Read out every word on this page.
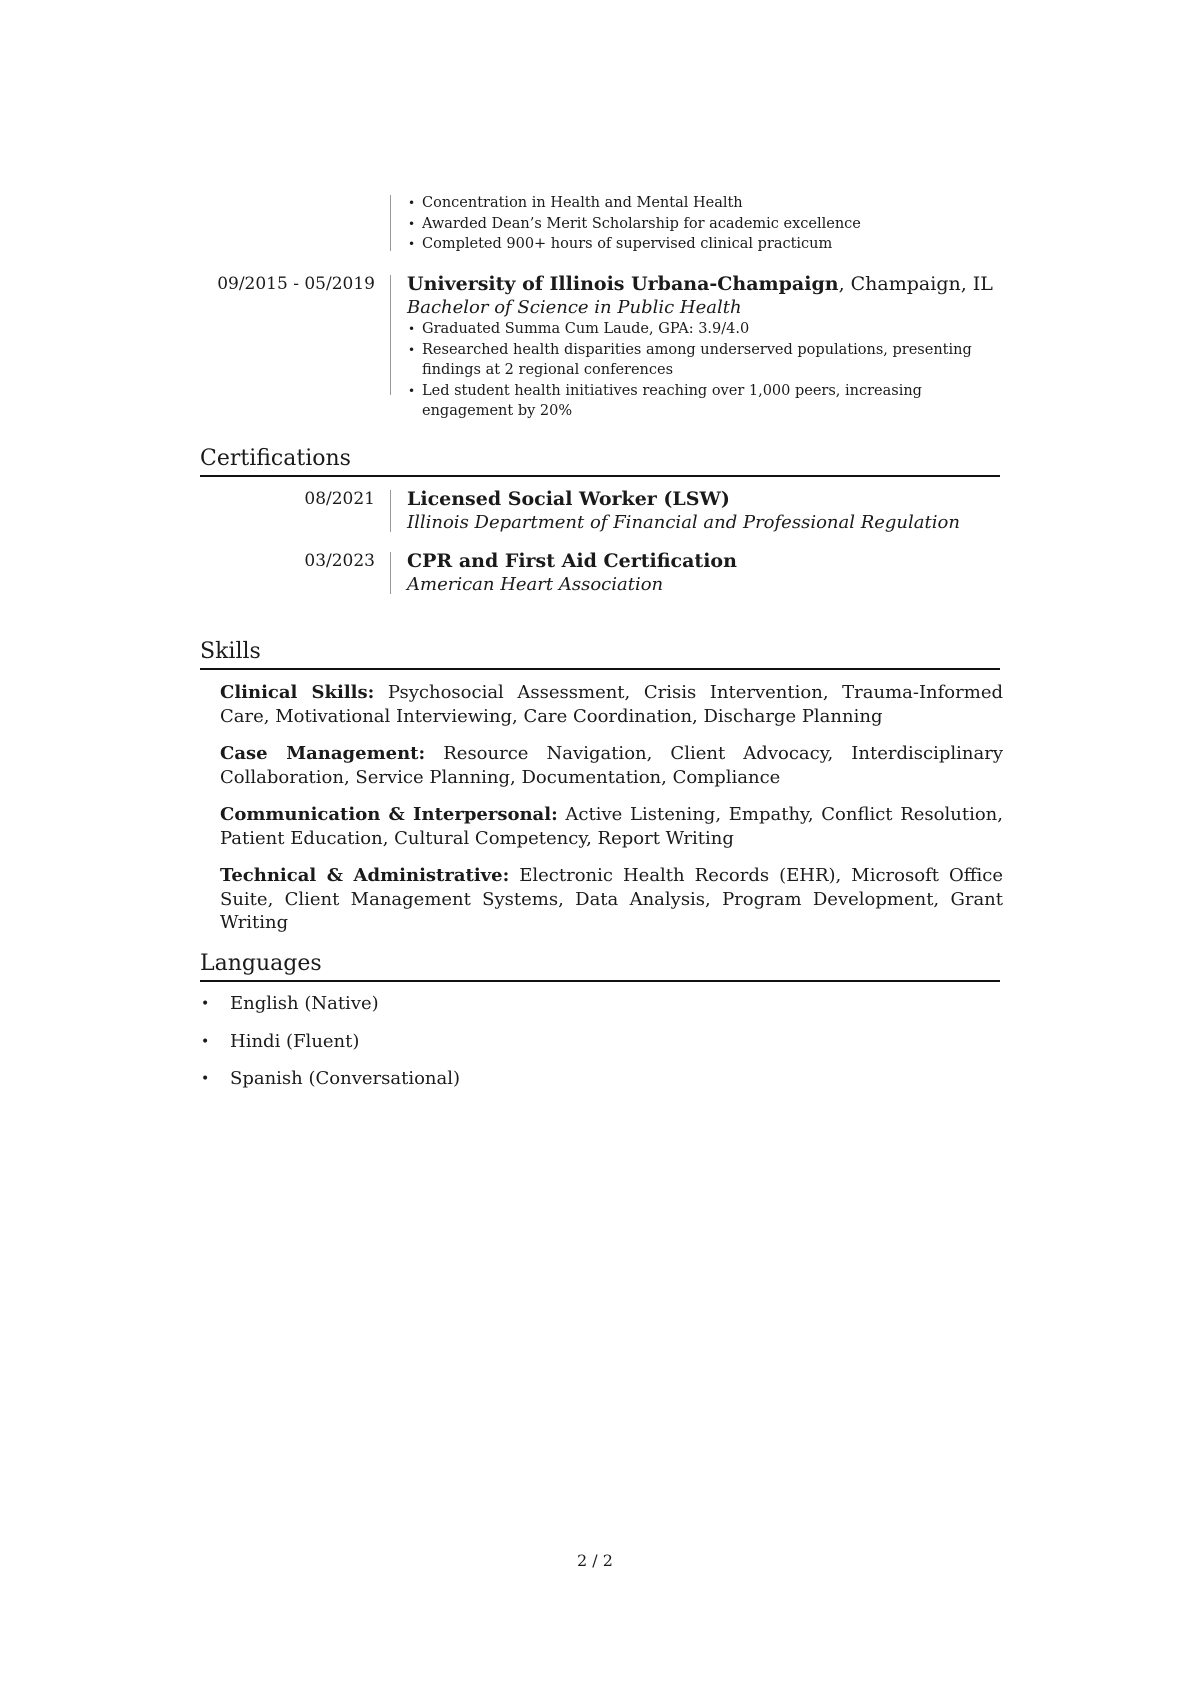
• Concentration in Health and Mental Health
• Awarded Dean’s Merit Scholarship for academic excellence
• Completed 900+ hours of supervised clinical practicum
09/2015 - 05/2019 University of Illinois Urbana-Champaign, Champaign, IL
Bachelor of Science in Public Health
• Graduated Summa Cum Laude, GPA: 3.9/4.0
• Researched health disparities among underserved populations, presenting findings at 2 regional conferences
• Led student health initiatives reaching over 1,000 peers, increasing engagement by 20%
Certifications
08/2021 Licensed Social Worker (LSW)
Illinois Department of Financial and Professional Regulation
03/2023 CPR and First Aid Certification
American Heart Association
Skills
Clinical Skills: Psychosocial Assessment, Crisis Intervention, Trauma-Informed Care, Motivational Interviewing, Care Coordination, Discharge Planning
Case Management: Resource Navigation, Client Advocacy, Interdisciplinary Collaboration, Service Planning, Documentation, Compliance
Communication & Interpersonal: Active Listening, Empathy, Conflict Resolution, Patient Education, Cultural Competency, Report Writing
Technical & Administrative: Electronic Health Records (EHR), Microsoft Office Suite, Client Management Systems, Data Analysis, Program Development, Grant Writing
Languages
• English (Native)
• Hindi (Fluent)
• Spanish (Conversational)
2 / 2
